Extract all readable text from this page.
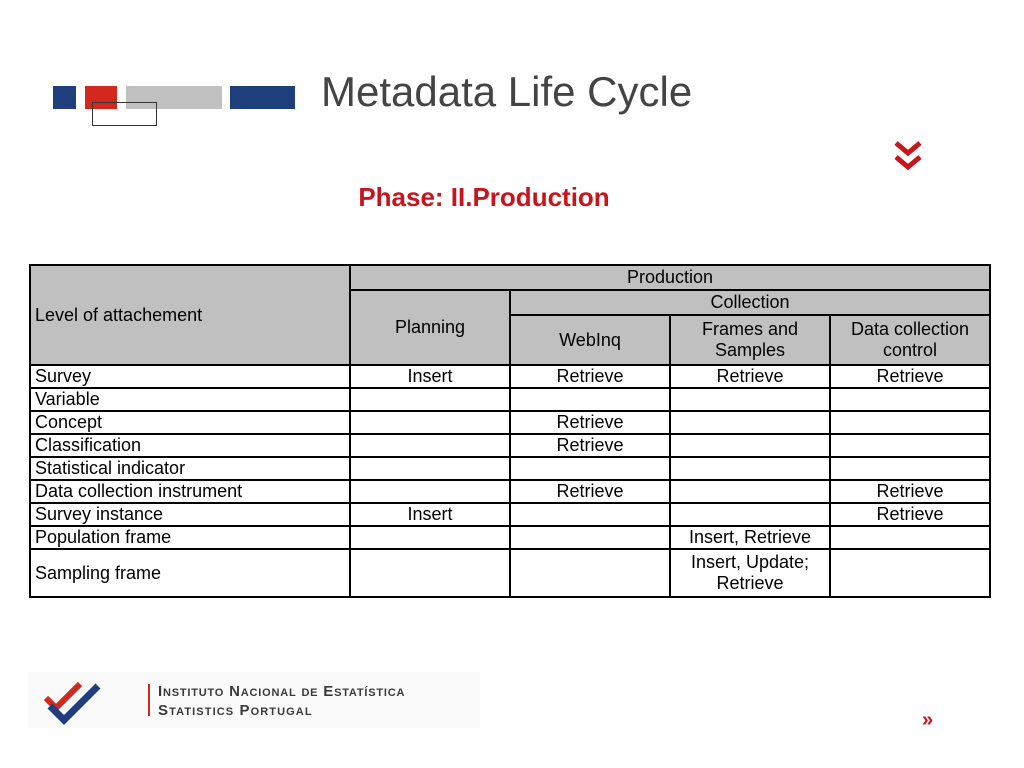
Metadata Life Cycle
Phase: II.Production
Level of attachement	Production			
	Planning	Collection		
		WebInq	Frames and Samples	Data collection control
Survey	Insert	Retrieve	Retrieve	Retrieve
Variable				
Concept		Retrieve		
Classification		Retrieve		
Statistical indicator				
Data collection instrument		Retrieve		Retrieve
Survey instance	Insert			Retrieve
Population frame			Insert, Retrieve	
Sampling frame			Insert, Update; Retrieve	
Instituto Nacional de Estatística
Statistics Portugal	»
